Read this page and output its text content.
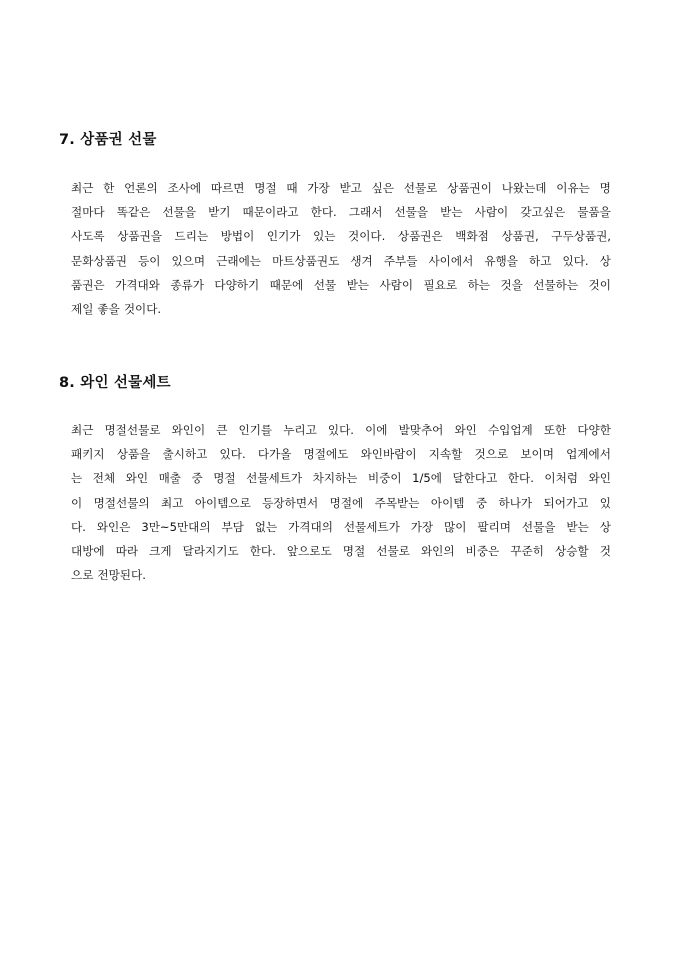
7. 상품권 선물
최근 한 언론의 조사에 따르면 명절 때 가장 받고 싶은 선물로 상품권이 나왔는데 이유는 명
절마다 똑같은 선물을 받기 때문이라고 한다. 그래서 선물을 받는 사람이 갖고싶은 물품을
사도록 상품권을 드리는 방법이 인기가 있는 것이다. 상품권은 백화점 상품권, 구두상품권,
문화상품권 등이 있으며 근래에는 마트상품권도 생겨 주부들 사이에서 유행을 하고 있다. 상
품권은 가격대와 종류가 다양하기 때문에 선물 받는 사람이 필요로 하는 것을 선물하는 것이
제일 좋을 것이다.
8. 와인 선물세트
최근 명절선물로 와인이 큰 인기를 누리고 있다. 이에 발맞추어 와인 수입업계 또한 다양한
패키지 상품을 출시하고 있다. 다가올 명절에도 와인바람이 지속할 것으로 보이며 업계에서
는 전체 와인 매출 중 명절 선물세트가 차지하는 비중이 1/5에 달한다고 한다. 이처럼 와인
이 명절선물의 최고 아이템으로 등장하면서 명절에 주목받는 아이템 중 하나가 되어가고 있
다. 와인은 3만~5만대의 부담 없는 가격대의 선물세트가 가장 많이 팔리며 선물을 받는 상
대방에 따라 크게 달라지기도 한다. 앞으로도 명절 선물로 와인의 비중은 꾸준히 상승할 것
으로 전망된다.
